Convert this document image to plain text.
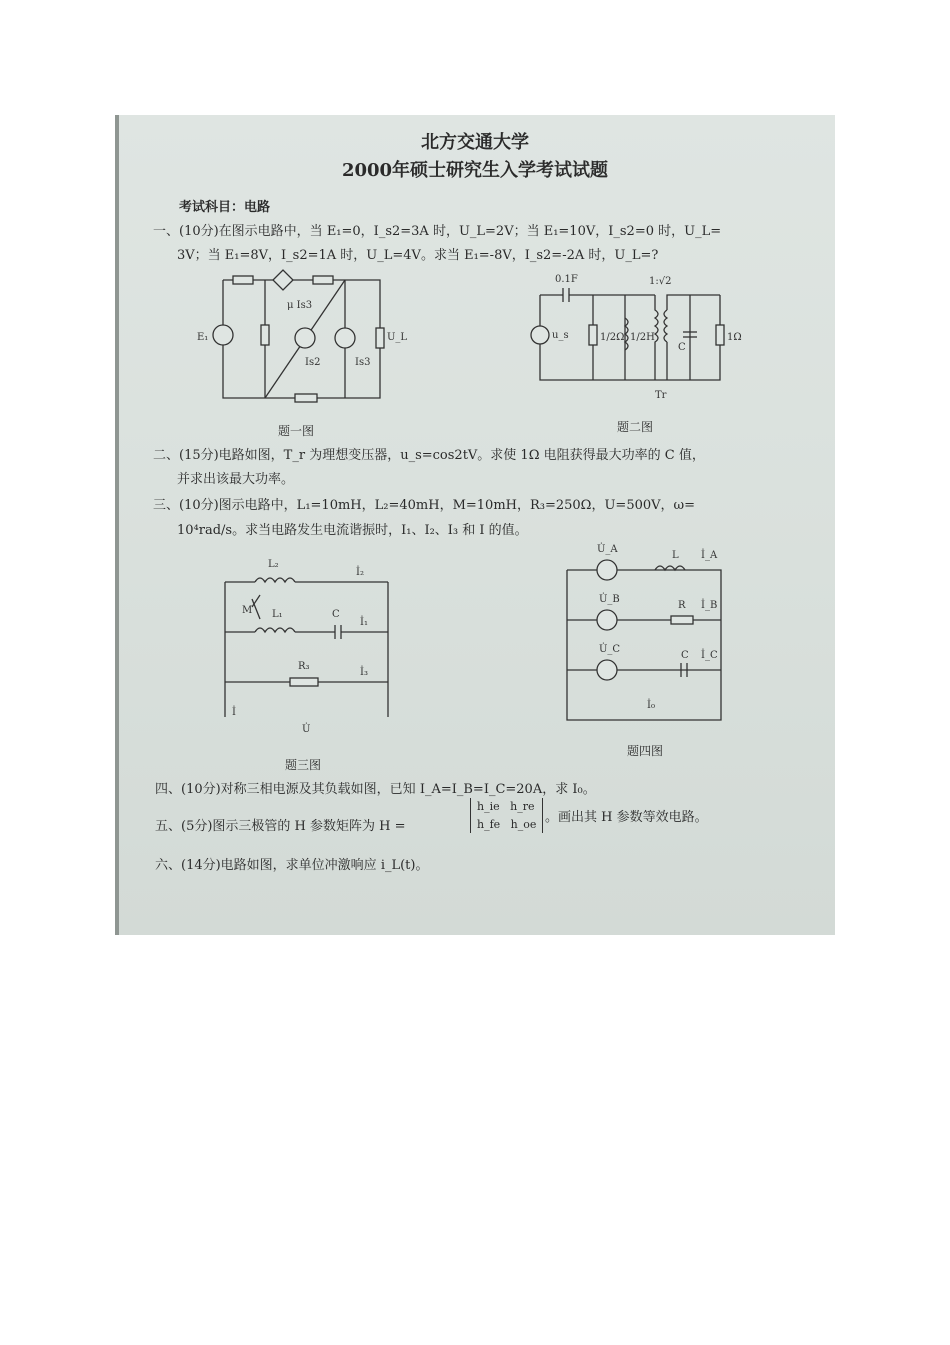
北方交通大学
2000年硕士研究生入学考试试题
考试科目：电路
一、(10分)在图示电路中，当 E₁=0，I_s2=3A 时，U_L=2V；当 E₁=10V，I_s2=0 时，U_L=
3V；当 E₁=8V，I_s2=1A 时，U_L=4V。求当 E₁=-8V，I_s2=-2A 时，U_L=?
E₁
μ Is3
Is2	Is3
U_L
题一图
0.1F	1:√2
u_s	1/2Ω 1/2H
C
1Ω
Tr
题二图
二、(15分)电路如图，T_r 为理想变压器，u_s=cos2tV。求使 1Ω 电阻获得最大功率的 C 值，
并求出该最大功率。
三、(10分)图示电路中，L₁=10mH，L₂=40mH，M=10mH，R₃=250Ω，U=500V，ω=
10⁴rad/s。求当电路发生电流谐振时，I₁、I₂、I₃ 和 I 的值。
L₂
İ₂
M L₁	C
İ₁
R₃
İ₃
İ
U̇
题三图
U̇_A
L İ_A
U̇_B
R İ_B
U̇_C
C İ_C
İ₀
题四图
四、(10分)对称三相电源及其负载如图，已知 I_A=I_B=I_C=20A，求 I₀。
五、(5分)图示三极管的 H 参数矩阵为 H =
h_ie h_re
h_fe h_oe 。画出其 H 参数等效电路。
六、(14分)电路如图，求单位冲激响应 i_L(t)。
